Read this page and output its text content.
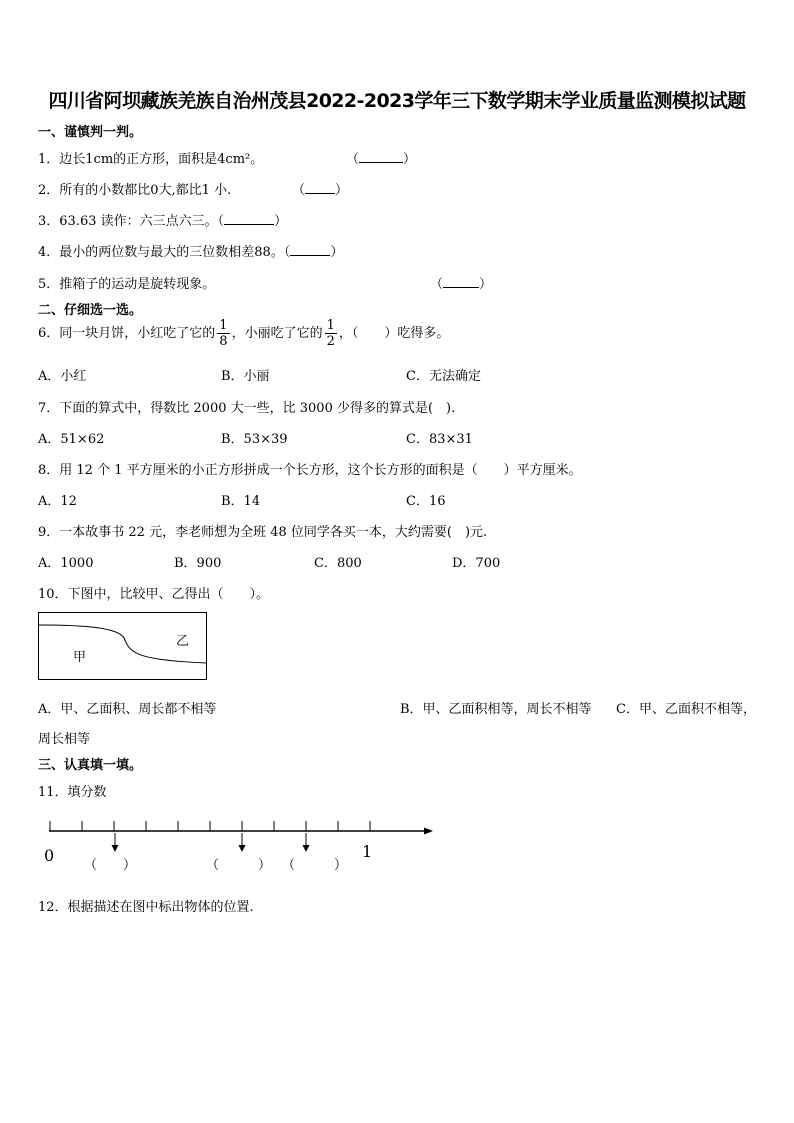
四川省阿坝藏族羌族自治州茂县2022-2023学年三下数学期末学业质量监测模拟试题
一、谨慎判一判。
1．边长1cm的正方形，面积是4cm²。	（	）
2．所有的小数都比0大,都比1 小.	（ ）
3．63.63 读作：六三点六三。（	）
4．最小的两位数与最大的三位数相差88。（	）
5．推箱子的运动是旋转现象。	（	）
二、仔细选一选。
6．同一块月饼，小红吃了它的 $\frac{1}{8}$ ，小丽吃了它的 $\frac{1}{2}$ ，（　　）吃得多。
A．小红	B．小丽	C．无法确定
7．下面的算式中，得数比 2000 大一些，比 3000 少得多的算式是(　).
A．51×62	B．53×39	C．83×31
8．用 12 个 1 平方厘米的小正方形拼成一个长方形，这个长方形的面积是（　　）平方厘米。
A．12	B．14	C．16
9．一本故事书 22 元，李老师想为全班 48 位同学各买一本，大约需要(　)元.
A．1000	B．900	C．800	D．700
10．下图中，比较甲、乙得出（　　）。
甲
乙
A．甲、乙面积、周长都不相等	B．甲、乙面积相等，周长不相等 C．甲、乙面积不相等，
周长相等
三、认真填一填。
11．填分数
0	1
（　　）	（　　　） （　　　）
12．根据描述在图中标出物体的位置.
